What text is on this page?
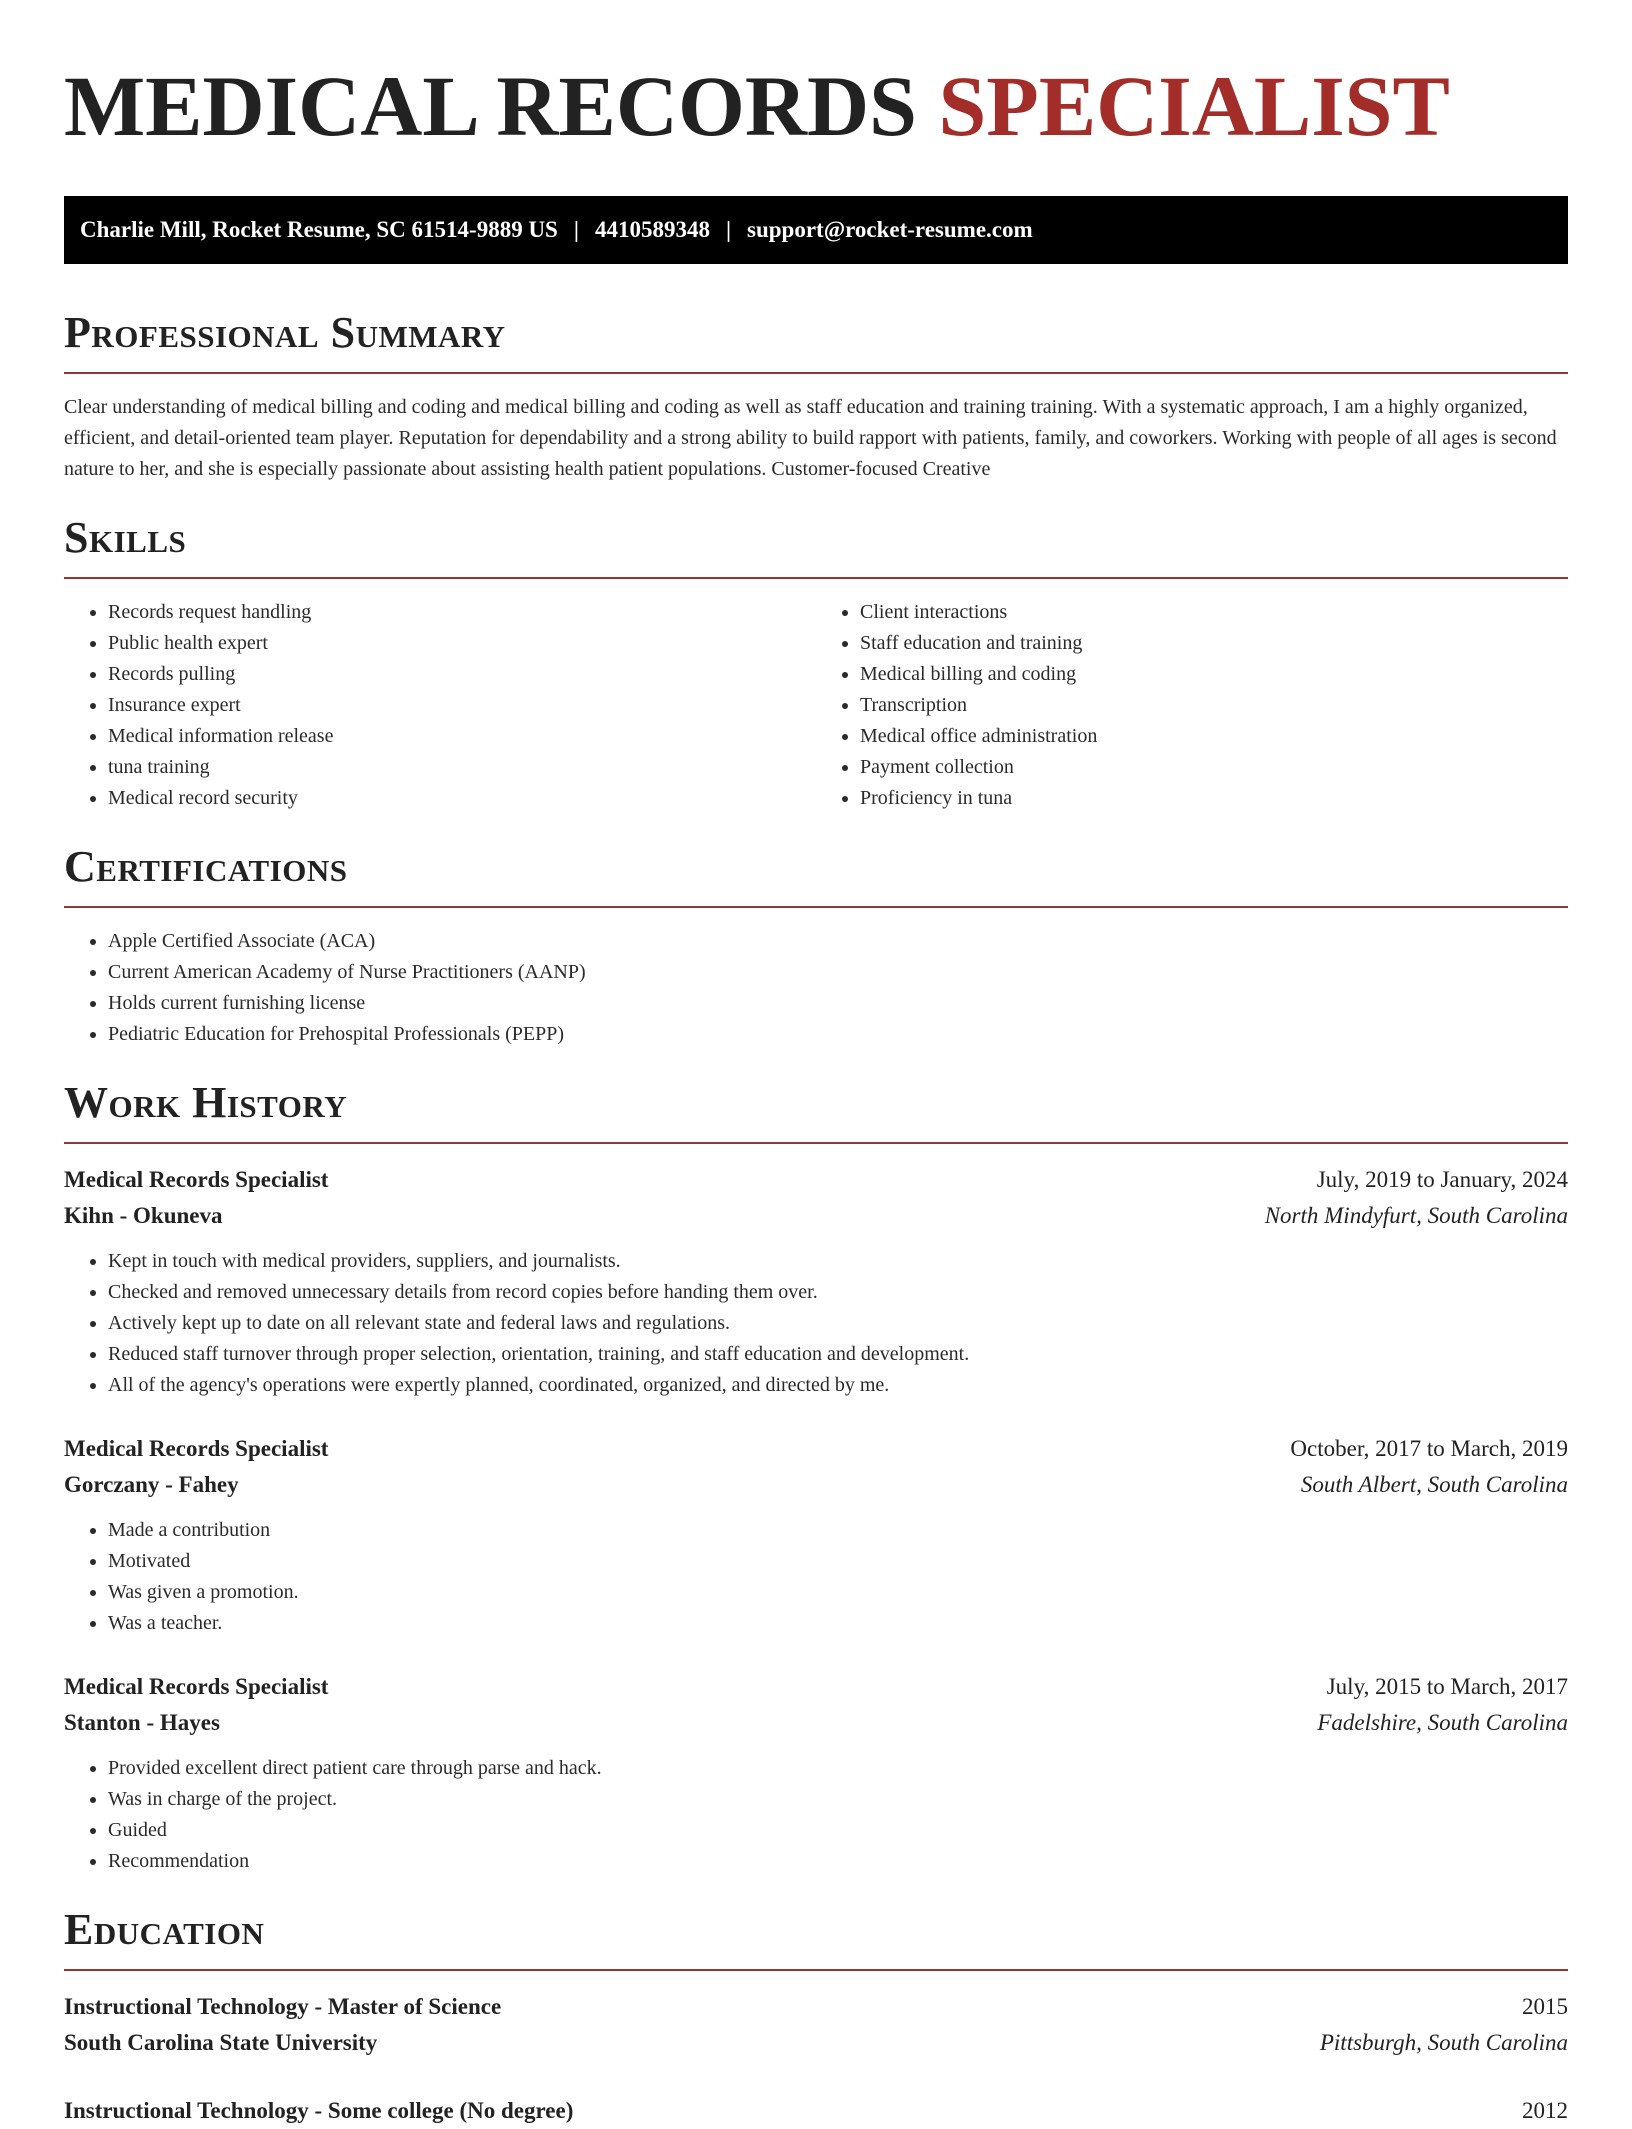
MEDICAL RECORDS SPECIALIST
Charlie Mill, Rocket Resume, SC 61514-9889 US | 4410589348 | support@rocket-resume.com
Professional Summary

Clear understanding of medical billing and coding and medical billing and coding as well as staff education and training training. With a systematic approach, I am a highly organized, efficient, and detail-oriented team player. Reputation for dependability and a strong ability to build rapport with patients, family, and coworkers. Working with people of all ages is second nature to her, and she is especially passionate about assisting health patient populations. Customer-focused Creative

Skills
• Records request handling
• Public health expert
• Records pulling
• Insurance expert
• Medical information release
• tuna training
• Medical record security
• Client interactions
• Staff education and training
• Medical billing and coding
• Transcription
• Medical office administration
• Payment collection
• Proficiency in tuna
Certifications
• Apple Certified Associate (ACA)
• Current American Academy of Nurse Practitioners (AANP)
• Holds current furnishing license
• Pediatric Education for Prehospital Professionals (PEPP)
Work History
Medical Records Specialist	July, 2019 to January, 2024
Kihn - Okuneva	North Mindyfurt, South Carolina
• Kept in touch with medical providers, suppliers, and journalists.
• Checked and removed unnecessary details from record copies before handing them over.
• Actively kept up to date on all relevant state and federal laws and regulations.
• Reduced staff turnover through proper selection, orientation, training, and staff education and development.
• All of the agency's operations were expertly planned, coordinated, organized, and directed by me.
Medical Records Specialist	October, 2017 to March, 2019
Gorczany - Fahey	South Albert, South Carolina
• Made a contribution
• Motivated
• Was given a promotion.
• Was a teacher.
Medical Records Specialist	July, 2015 to March, 2017
Stanton - Hayes	Fadelshire, South Carolina
• Provided excellent direct patient care through parse and hack.
• Was in charge of the project.
• Guided
• Recommendation
Education
Instructional Technology - Master of Science	2015
South Carolina State University	Pittsburgh, South Carolina
Instructional Technology - Some college (No degree)	2012
